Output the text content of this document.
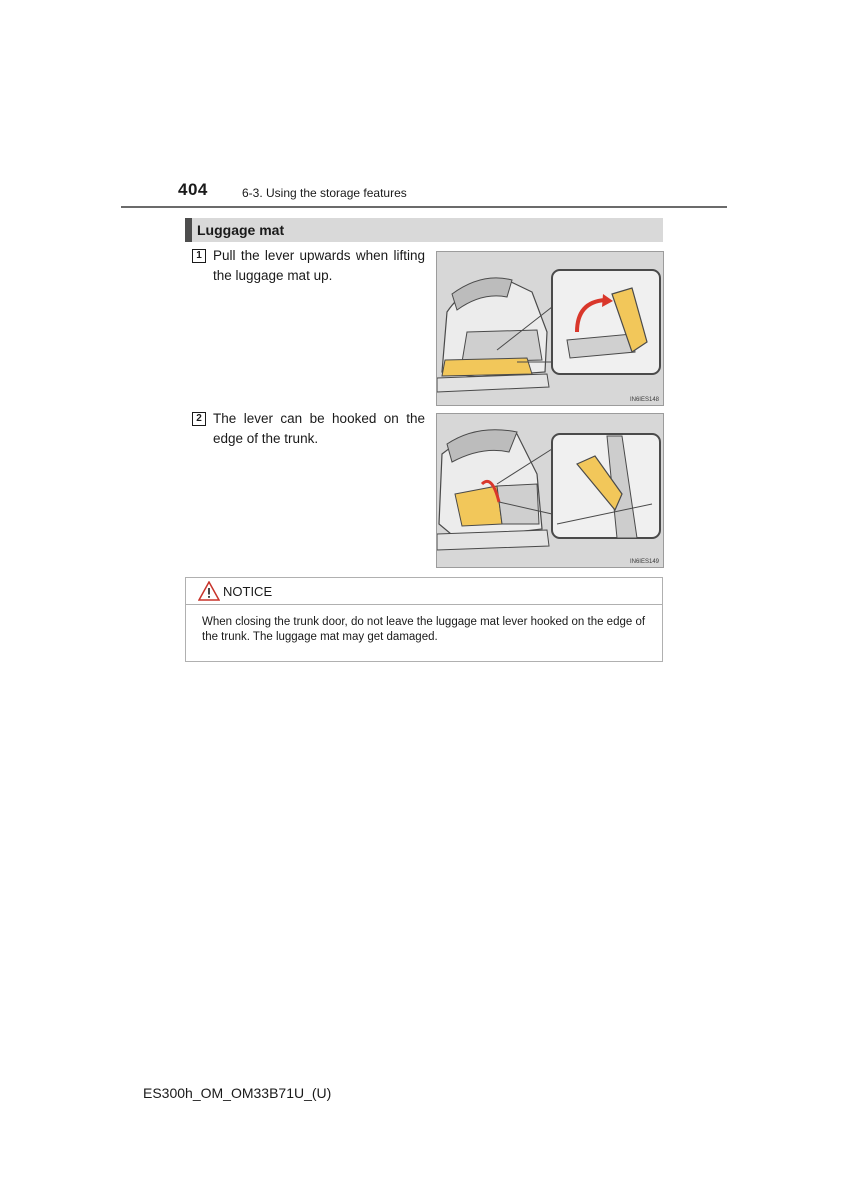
404	6-3. Using the storage features
Luggage mat
1 Pull the lever upwards when lifting the luggage mat up.
IN6IES148
2 The lever can be hooked on the edge of the trunk.
IN6IES149
NOTICE
When closing the trunk door, do not leave the luggage mat lever hooked on the edge of the trunk. The luggage mat may get damaged.
ES300h_OM_OM33B71U_(U)
